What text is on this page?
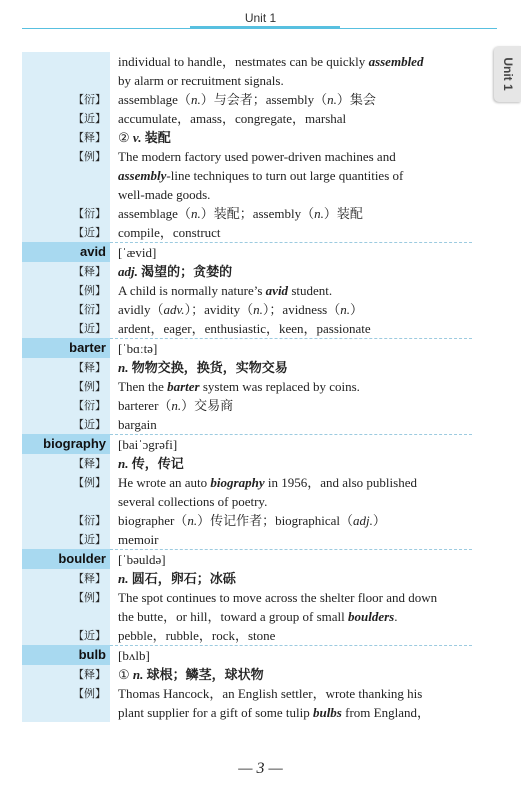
Unit 1
Unit 1
individual to handle，nestmates can be quickly assembled
by alarm or recruitment signals.
【衍】 assemblage（n.）与会者；assembly（n.）集会
【近】 accumulate，amass，congregate，marshal
【释】 ② v. 装配
【例】 The modern factory used power-driven machines and
assembly-line techniques to turn out large quantities of
well-made goods.
【衍】 assemblage（n.）装配；assembly（n.）装配
【近】 compile，construct
avid [ˈævid]
【释】 adj. 渴望的；贪婪的
【例】 A child is normally nature’s avid student.
【衍】 avidly（adv.）；avidity（n.）；avidness（n.）
【近】 ardent，eager，enthusiastic，keen，passionate
barter [ˈbɑːtə]
【释】 n. 物物交换，换货，实物交易
【例】 Then the barter system was replaced by coins.
【衍】 barterer（n.）交易商
【近】 bargain
biography [baiˈɔgrəfi]
【释】 n. 传，传记
【例】 He wrote an auto biography in 1956，and also published
several collections of poetry.
【衍】 biographer（n.）传记作者；biographical（adj.）
【近】 memoir
boulder [ˈbəuldə]
【释】 n. 圆石，卵石；冰砾
【例】 The spot continues to move across the shelter floor and down
the butte，or hill，toward a group of small boulders.
【近】 pebble，rubble，rock，stone
bulb [bʌlb]
【释】 ① n. 球根；鳞茎，球状物
【例】 Thomas Hancock，an English settler，wrote thanking his
plant supplier for a gift of some tulip bulbs from England，
— 3 —
